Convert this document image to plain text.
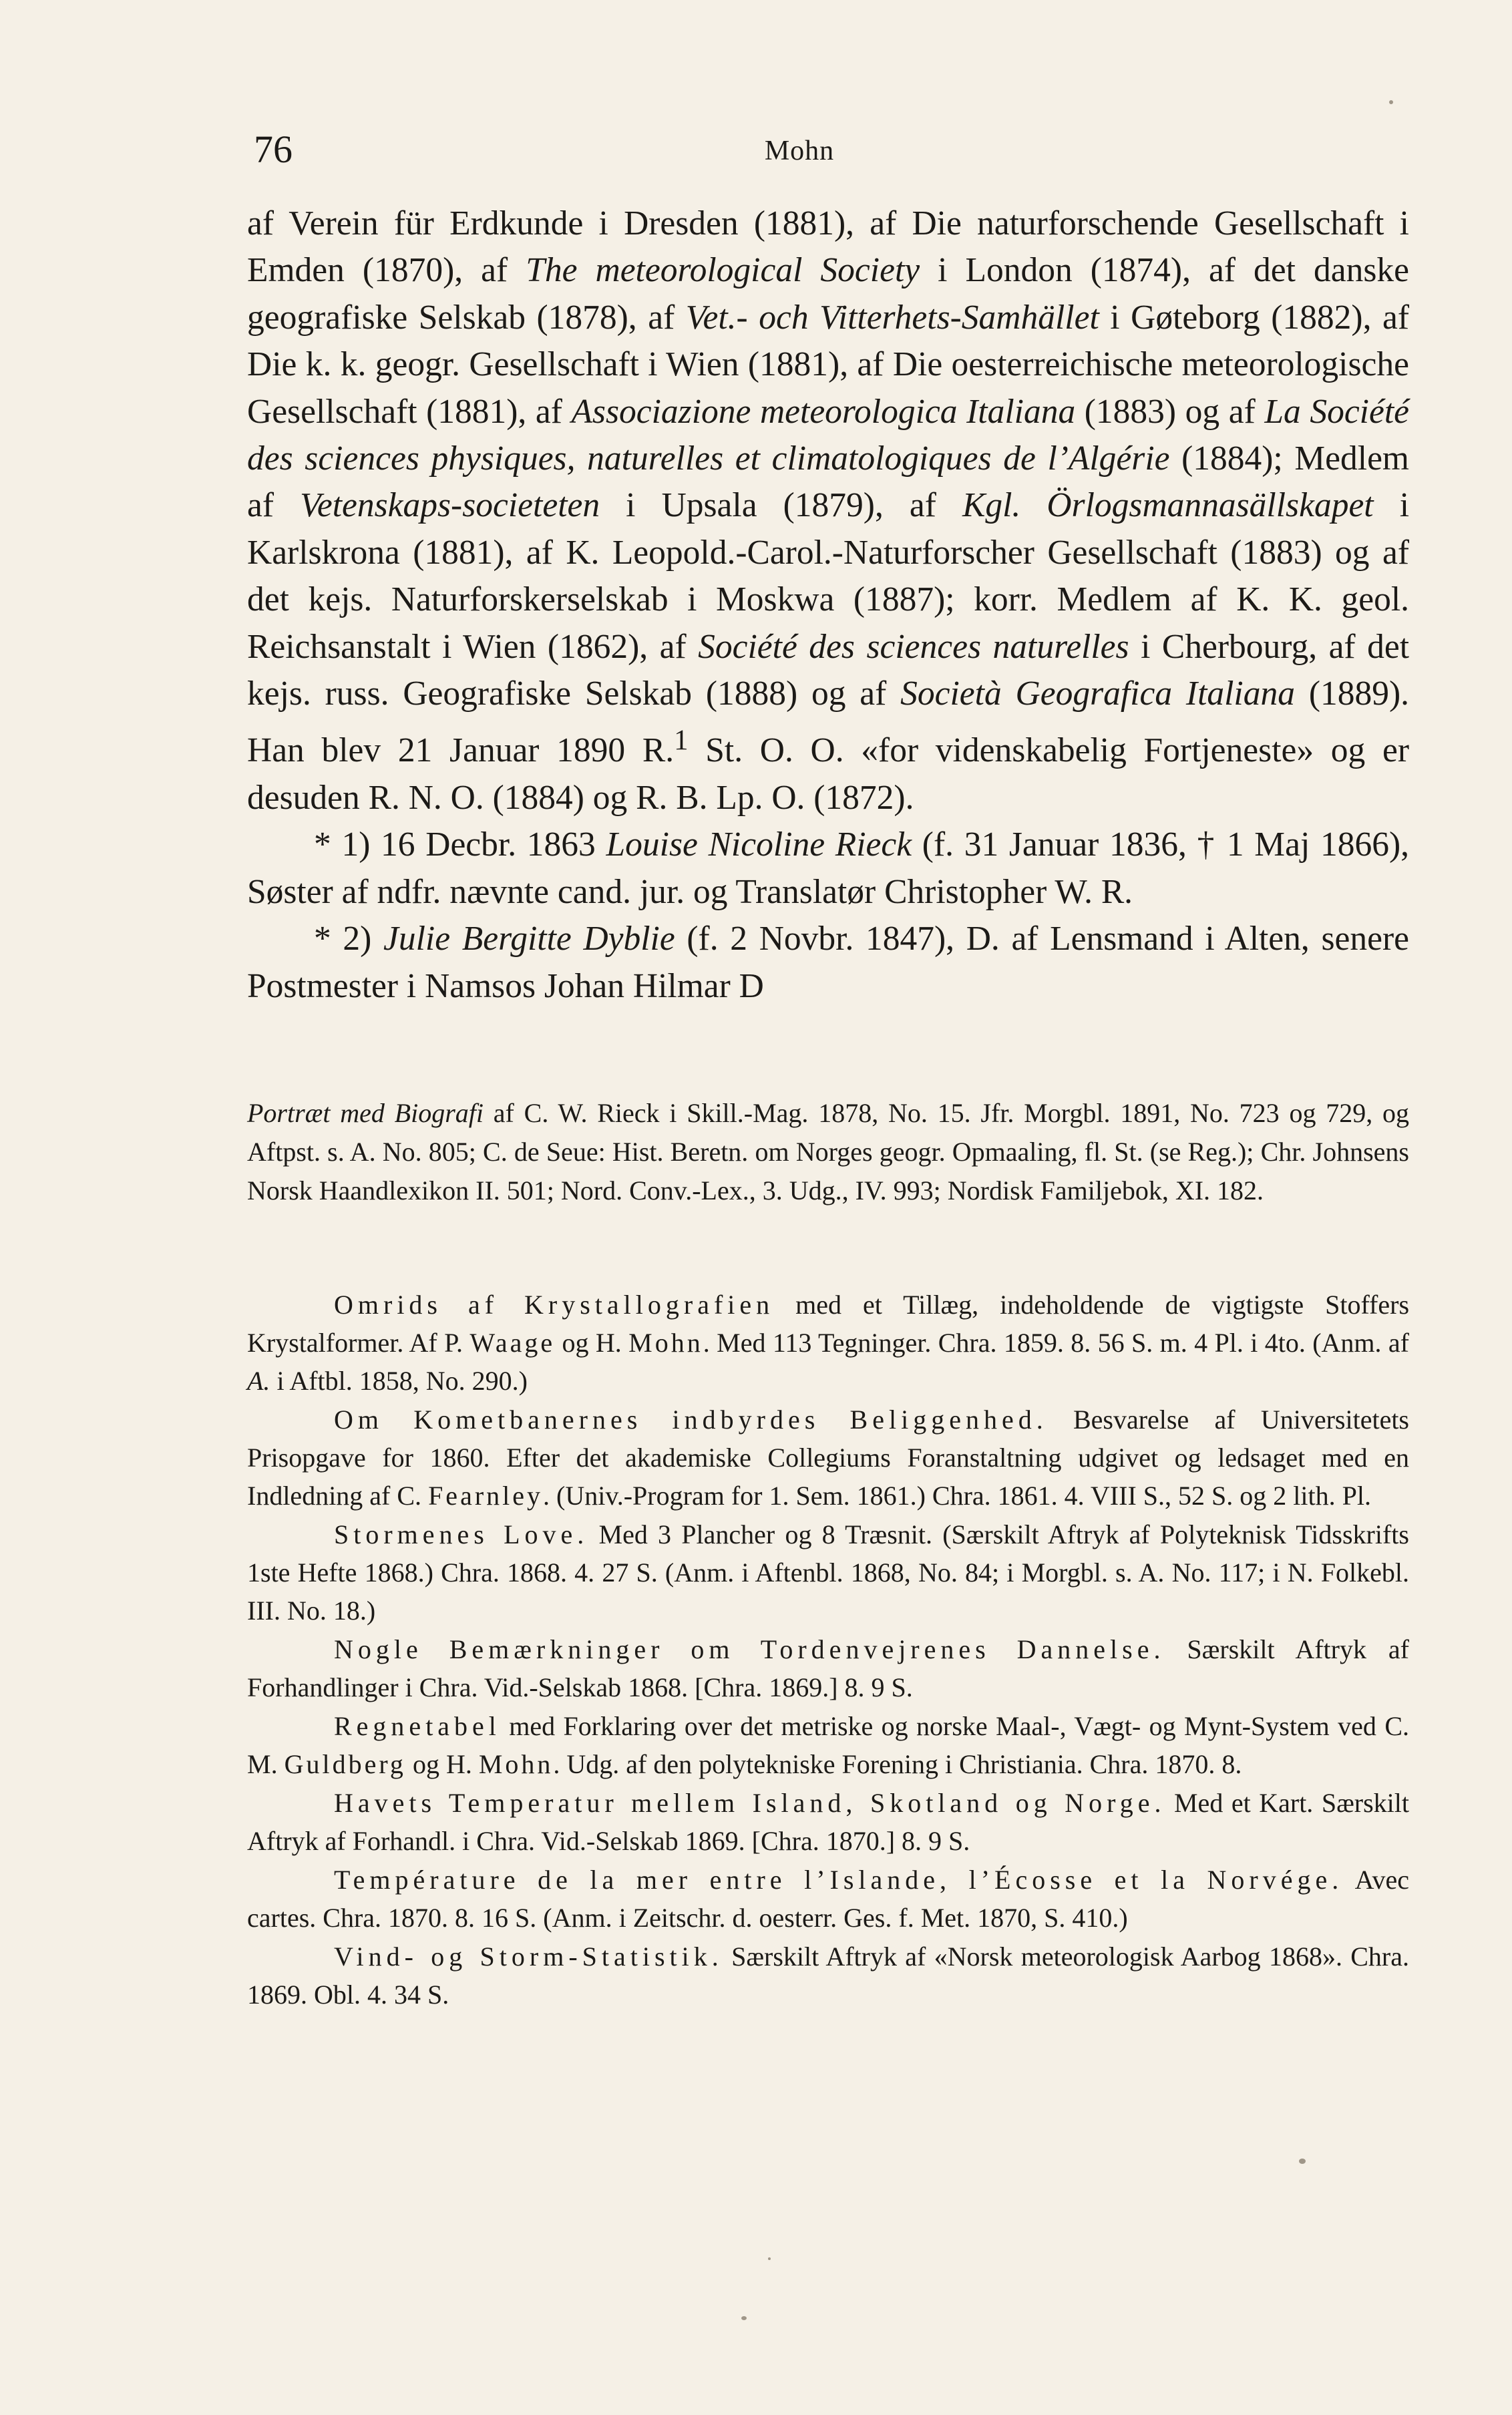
76	Mohn

af Verein für Erdkunde i Dresden (1881), af Die naturforschende Gesellschaft i Emden (1870), af The meteorological Society i London (1874), af det danske geografiske Selskab (1878), af Vet.- och Vitterhets-Samhället i Gøteborg (1882), af Die k. k. geogr. Gesellschaft i Wien (1881), af Die oesterreichische meteorologische Gesellschaft (1881), af Associazione meteorologica Italiana (1883) og af La Société des sciences physiques, naturelles et climatologiques de l’Algérie (1884); Medlem af Vetenskaps-societeten i Upsala (1879), af Kgl. Örlogsmannasällskapet i Karlskrona (1881), af K. Leopold.-Carol.-Naturforscher Gesellschaft (1883) og af det kejs. Naturforskerselskab i Moskwa (1887); korr. Medlem af K. K. geol. Reichsanstalt i Wien (1862), af Société des sciences naturelles i Cherbourg, af det kejs. russ. Geografiske Selskab (1888) og af Società Geografica Italiana (1889). Han blev 21 Januar 1890 R.$^1$ St. O. O. «for videnskabelig Fortjeneste» og er desuden R. N. O. (1884) og R. B. Lp. O. (1872).

* 1) 16 Decbr. 1863 Louise Nicoline Rieck (f. 31 Januar 1836, † 1 Maj 1866), Søster af ndfr. nævnte cand. jur. og Translatør Christopher W. R.

* 2) Julie Bergitte Dyblie (f. 2 Novbr. 1847), D. af Lensmand i Alten, senere Postmester i Namsos Johan Hilmar D

Portræt med Biografi af C. W. Rieck i Skill.-Mag. 1878, No. 15. Jfr. Morgbl. 1891, No. 723 og 729, og Aftpst. s. A. No. 805; C. de Seue: Hist. Beretn. om Norges geogr. Opmaaling, fl. St. (se Reg.); Chr. Johnsens Norsk Haandlexikon II. 501; Nord. Conv.-Lex., 3. Udg., IV. 993; Nordisk Familjebok, XI. 182.

Omrids af Krystallografien med et Tillæg, indeholdende de vigtigste Stoffers Krystalformer. Af P. Waage og H. Mohn. Med 113 Tegninger. Chra. 1859. 8. 56 S. m. 4 Pl. i 4to. (Anm. af A. i Aftbl. 1858, No. 290.)

Om Kometbanernes indbyrdes Beliggenhed. Besvarelse af Universitetets Prisopgave for 1860. Efter det akademiske Collegiums Foranstaltning udgivet og ledsaget med en Indledning af C. Fearnley. (Univ.-Program for 1. Sem. 1861.) Chra. 1861. 4. VIII S., 52 S. og 2 lith. Pl.

Stormenes Love. Med 3 Plancher og 8 Træsnit. (Særskilt Aftryk af Polyteknisk Tidsskrifts 1ste Hefte 1868.) Chra. 1868. 4. 27 S. (Anm. i Aftenbl. 1868, No. 84; i Morgbl. s. A. No. 117; i N. Folkebl. III. No. 18.)

Nogle Bemærkninger om Tordenvejrenes Dannelse. Særskilt Aftryk af Forhandlinger i Chra. Vid.-Selskab 1868. [Chra. 1869.] 8. 9 S.

Regnetabel med Forklaring over det metriske og norske Maal-, Vægt- og Mynt-System ved C. M. Guldberg og H. Mohn. Udg. af den polytekniske Forening i Christiania. Chra. 1870. 8.

Havets Temperatur mellem Island, Skotland og Norge. Med et Kart. Særskilt Aftryk af Forhandl. i Chra. Vid.-Selskab 1869. [Chra. 1870.] 8. 9 S.

Température de la mer entre l’Islande, l’Écosse et la Norvége. Avec cartes. Chra. 1870. 8. 16 S. (Anm. i Zeitschr. d. oesterr. Ges. f. Met. 1870, S. 410.)

Vind- og Storm-Statistik. Særskilt Aftryk af «Norsk meteorologisk Aarbog 1868». Chra. 1869. Obl. 4. 34 S.
